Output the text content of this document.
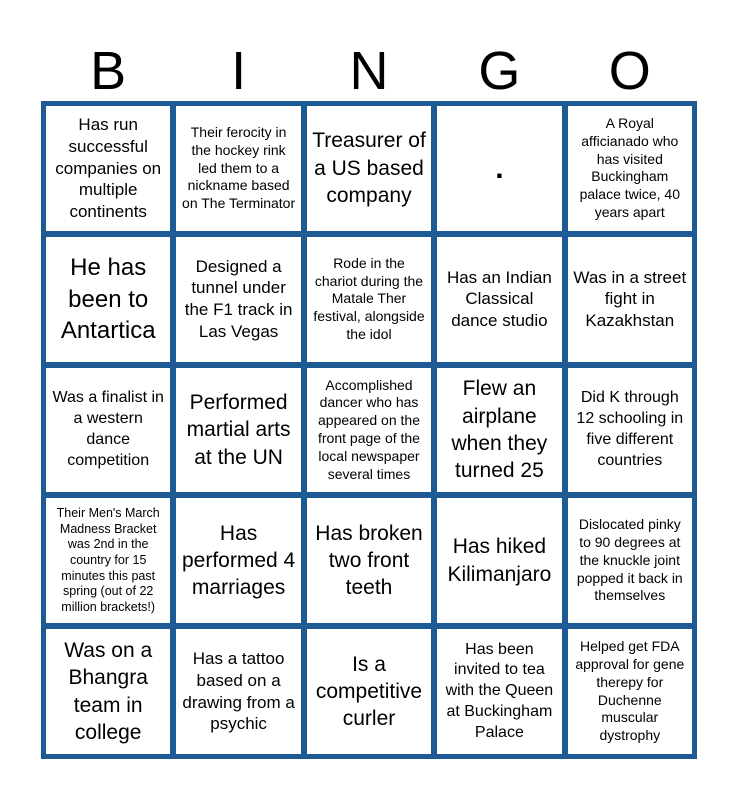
B	I	N	G	O
Has run successful companies on multiple continents
Their ferocity in the hockey rink led them to a nickname based on The Terminator
Treasurer of a US based company
.
A Royal afficianado who has visited Buckingham palace twice, 40 years apart
He has been to Antartica
Designed a tunnel under the F1 track in Las Vegas
Rode in the chariot during the Matale Ther festival, alongside the idol
Has an Indian Classical dance studio
Was in a street fight in Kazakhstan
Was a finalist in a western dance competition
Performed martial arts at the UN
Accomplished dancer who has appeared on the front page of the local newspaper several times
Flew an airplane when they turned 25
Did K through 12 schooling in five different countries
Their Men's March Madness Bracket was 2nd in the country for 15 minutes this past spring (out of 22 million brackets!)
Has performed 4 marriages
Has broken two front teeth
Has hiked Kilimanjaro
Dislocated pinky to 90 degrees at the knuckle joint popped it back in themselves
Was on a Bhangra team in college
Has a tattoo based on a drawing from a psychic
Is a competitive curler
Has been invited to tea with the Queen at Buckingham Palace
Helped get FDA approval for gene therepy for Duchenne muscular dystrophy
